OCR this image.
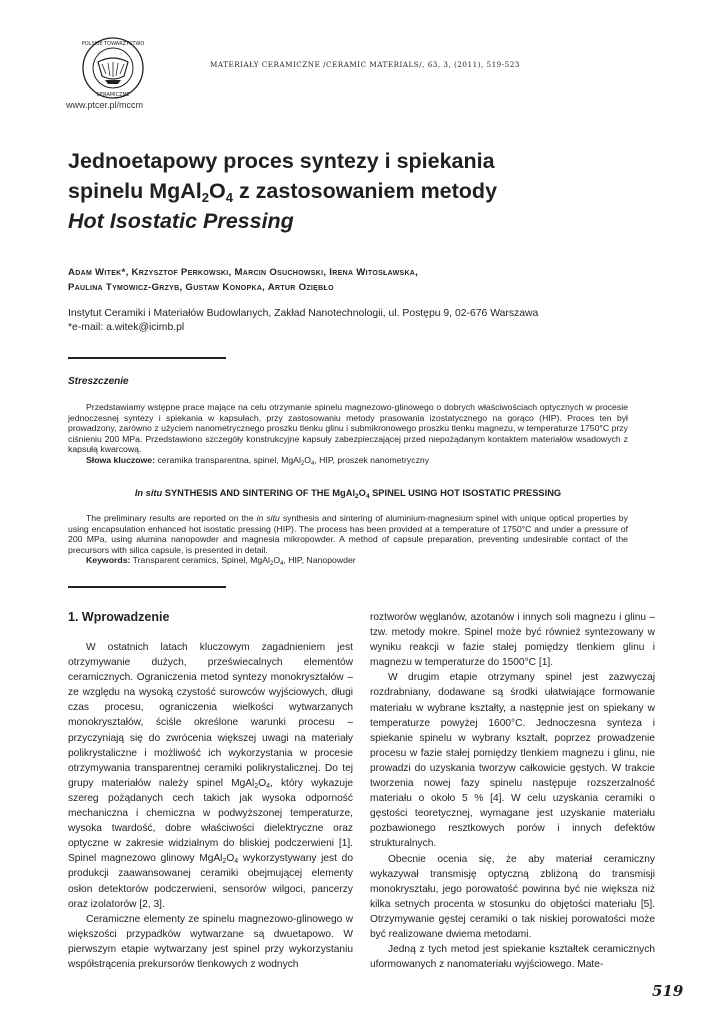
POLSKIE TOWARZYSTWO
CERAMICZNE
www.ptcer.pl/mccm
MATERIAŁY CERAMICZNE /CERAMIC MATERIALS/, 63, 3, (2011), 519-523
Jednoetapowy proces syntezy i spiekania
spinelu $MgAl_2O_4$ z zastosowaniem metody
Hot Isostatic Pressing
Adam Witek*, Krzysztof Perkowski, Marcin Osuchowski, Irena Witosławska,
Paulina Tymowicz-Grzyb, Gustaw Konopka, Artur Oziębło
Instytut Ceramiki i Materiałów Budowlanych, Zakład Nanotechnologii, ul. Postępu 9, 02-676 Warszawa
*e-mail: a.witek@icimb.pl
Streszczenie

Przedstawiamy wstępne prace mające na celu otrzymanie spinelu magnezowo-glinowego o dobrych właściwościach optycznych w procesie jednoczesnej syntezy i spiekania w kapsułach, przy zastosowaniu metody prasowania izostatycznego na gorąco (HIP). Proces ten był prowadzony, zarówno z użyciem nanometrycznego proszku tlenku glinu i submikronowego proszku tlenku magnezu, w temperaturze 1750°C przy ciśnieniu 200 MPa. Przedstawiono szczegóły konstrukcyjne kapsuły zabezpieczającej przed niepożądanym kontaktem materiałów wsadowych z kapsułą kwarcową.

Słowa kluczowe: ceramika transparentna, spinel, $MgAl_2O_4$, HIP, proszek nanometryczny

In situ SYNTHESIS AND SINTERING OF THE $MgAl_2O_4$ SPINEL USING HOT ISOSTATIC PRESSING

The preliminary results are reported on the in situ synthesis and sintering of aluminium-magnesium spinel with unique optical properties by using encapsulation enhanced hot isostatic pressing (HIP). The process has been provided at a temperature of 1750°C and under a pressure of 200 MPa, using alumina nanopowder and magnesia mikropowder. A method of capsule preparation, preventing undesirable contact of the precursors with silica capsule, is presented in detail.

Keywords: Transparent ceramics, Spinel, $MgAl_2O_4$, HIP, Nanopowder

1. Wprowadzenie

W ostatnich latach kluczowym zagadnieniem jest otrzymywanie dużych, przeświecalnych elementów ceramicznych. Ograniczenia metod syntezy monokryształów – ze względu na wysoką czystość surowców wyjściowych, długi czas procesu, ograniczenia wielkości wytwarzanych monokryształów, ściśle określone warunki procesu – przyczyniają się do zwrócenia większej uwagi na materiały polikrystaliczne i możliwość ich wykorzystania w procesie otrzymywania transparentnej ceramiki polikrystalicznej. Do tej grupy materiałów należy spinel $MgAl_2O_4$, który wykazuje szereg pożądanych cech takich jak wysoka odporność mechaniczna i chemiczna w podwyższonej temperaturze, wysoka twardość, dobre właściwości dielektryczne oraz optyczne w zakresie widzialnym do bliskiej podczerwieni [1]. Spinel magnezowo glinowy $MgAl_2O_4$ wykorzystywany jest do produkcji zaawansowanej ceramiki obejmującej elementy osłon detektorów podczerwieni, sensorów wilgoci, pancerzy oraz izolatorów [2, 3].

Ceramiczne elementy ze spinelu magnezowo-glinowego w większości przypadków wytwarzane są dwuetapowo. W pierwszym etapie wytwarzany jest spinel przy wykorzystaniu współstrącenia prekursorów tlenkowych z wodnych

roztworów węglanów, azotanów i innych soli magnezu i glinu – tzw. metody mokre. Spinel może być również syntezowany w wyniku reakcji w fazie stałej pomiędzy tlenkiem glinu i magnezu w temperaturze do 1500°C [1].

W drugim etapie otrzymany spinel jest zazwyczaj rozdrabniany, dodawane są środki ułatwiające formowanie materiału w wybrane kształty, a następnie jest on spiekany w temperaturze powyżej 1600°C. Jednoczesna synteza i spiekanie spinelu w wybrany kształt, poprzez prowadzenie procesu w fazie stałej pomiędzy tlenkiem magnezu i glinu, nie prowadzi do uzyskania tworzyw całkowicie gęstych. W trakcie tworzenia nowej fazy spinelu następuje rozszerzalność materiału o około 5 % [4]. W celu uzyskania ceramiki o gęstości teoretycznej, wymagane jest uzyskanie materiału pozbawionego resztkowych porów i innych defektów strukturalnych.

Obecnie ocenia się, że aby materiał ceramiczny wykazywał transmisję optyczną zbliżoną do transmisji monokryształu, jego porowatość powinna być nie większa niż kilka setnych procenta w stosunku do objętości materiału [5]. Otrzymywanie gęstej ceramiki o tak niskiej porowatości może być realizowane dwiema metodami.

Jedną z tych metod jest spiekanie kształtek ceramicznych uformowanych z nanomateriału wyjściowego. Mate-

519
